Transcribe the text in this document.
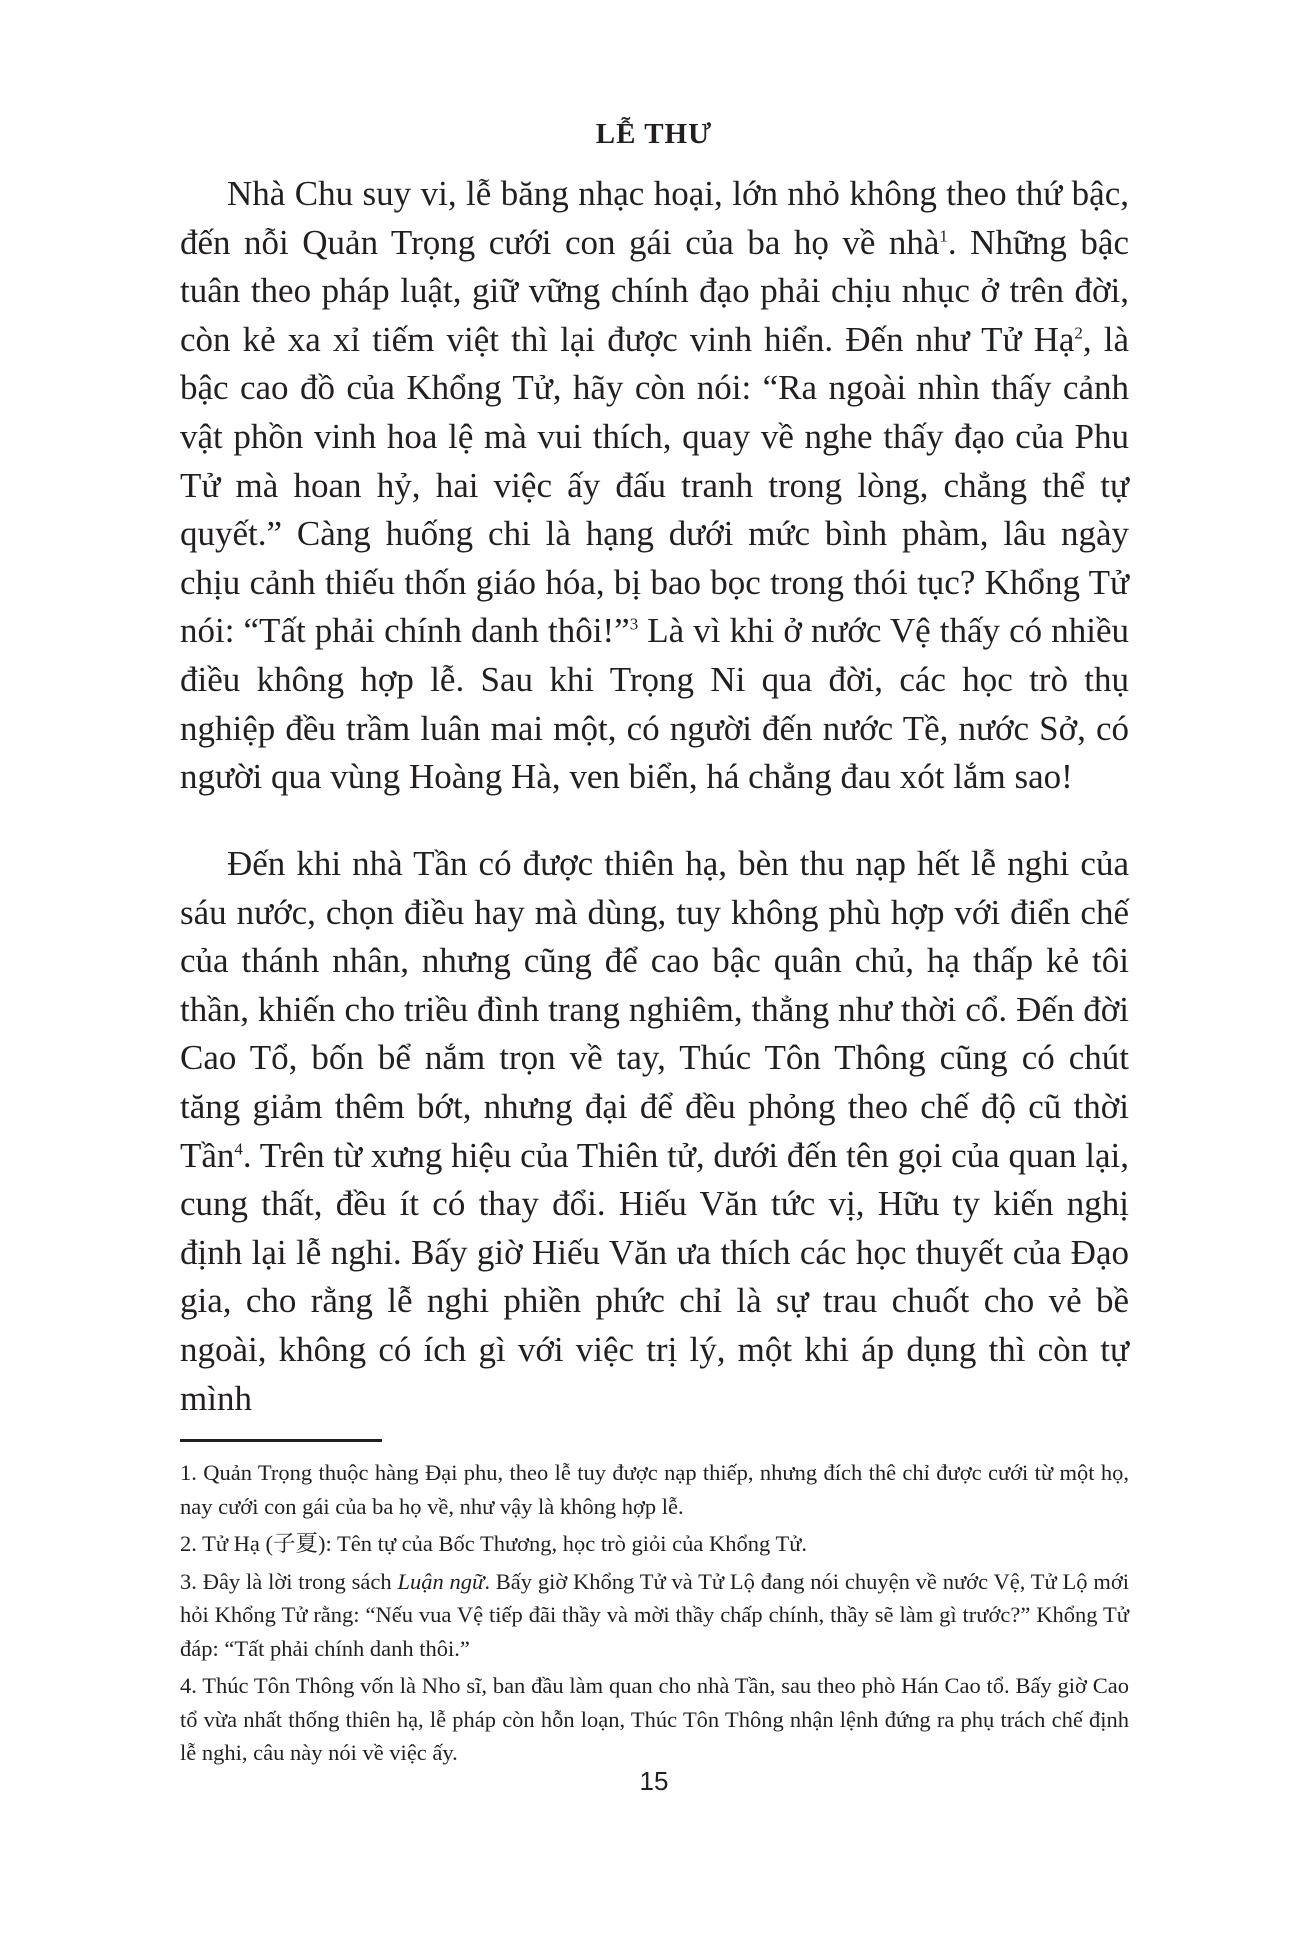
LỄ THƯ

Nhà Chu suy vi, lễ băng nhạc hoại, lớn nhỏ không theo thứ bậc, đến nỗi Quản Trọng cưới con gái của ba họ về nhà$^1$. Những bậc tuân theo pháp luật, giữ vững chính đạo phải chịu nhục ở trên đời, còn kẻ xa xỉ tiếm việt thì lại được vinh hiển. Đến như Tử Hạ$^2$, là bậc cao đồ của Khổng Tử, hãy còn nói: “Ra ngoài nhìn thấy cảnh vật phồn vinh hoa lệ mà vui thích, quay về nghe thấy đạo của Phu Tử mà hoan hỷ, hai việc ấy đấu tranh trong lòng, chẳng thể tự quyết.” Càng huống chi là hạng dưới mức bình phàm, lâu ngày chịu cảnh thiếu thốn giáo hóa, bị bao bọc trong thói tục? Khổng Tử nói: “Tất phải chính danh thôi!”$^3$ Là vì khi ở nước Vệ thấy có nhiều điều không hợp lễ. Sau khi Trọng Ni qua đời, các học trò thụ nghiệp đều trầm luân mai một, có người đến nước Tề, nước Sở, có người qua vùng Hoàng Hà, ven biển, há chẳng đau xót lắm sao!

Đến khi nhà Tần có được thiên hạ, bèn thu nạp hết lễ nghi của sáu nước, chọn điều hay mà dùng, tuy không phù hợp với điển chế của thánh nhân, nhưng cũng để cao bậc quân chủ, hạ thấp kẻ tôi thần, khiến cho triều đình trang nghiêm, thẳng như thời cổ. Đến đời Cao Tổ, bốn bể nắm trọn về tay, Thúc Tôn Thông cũng có chút tăng giảm thêm bớt, nhưng đại để đều phỏng theo chế độ cũ thời Tần$^4$. Trên từ xưng hiệu của Thiên tử, dưới đến tên gọi của quan lại, cung thất, đều ít có thay đổi. Hiếu Văn tức vị, Hữu ty kiến nghị định lại lễ nghi. Bấy giờ Hiếu Văn ưa thích các học thuyết của Đạo gia, cho rằng lễ nghi phiền phức chỉ là sự trau chuốt cho vẻ bề ngoài, không có ích gì với việc trị lý, một khi áp dụng thì còn tự mình

1. Quản Trọng thuộc hàng Đại phu, theo lễ tuy được nạp thiếp, nhưng đích thê chỉ được cưới từ một họ, nay cưới con gái của ba họ về, như vậy là không hợp lễ.
2. Tử Hạ (子夏): Tên tự của Bốc Thương, học trò giỏi của Khổng Tử.
3. Đây là lời trong sách Luận ngữ. Bấy giờ Khổng Tử và Tử Lộ đang nói chuyện về nước Vệ, Tử Lộ mới hỏi Khổng Tử rằng: “Nếu vua Vệ tiếp đãi thầy và mời thầy chấp chính, thầy sẽ làm gì trước?” Khổng Tử đáp: “Tất phải chính danh thôi.”
4. Thúc Tôn Thông vốn là Nho sĩ, ban đầu làm quan cho nhà Tần, sau theo phò Hán Cao tổ. Bấy giờ Cao tổ vừa nhất thống thiên hạ, lễ pháp còn hỗn loạn, Thúc Tôn Thông nhận lệnh đứng ra phụ trách chế định lễ nghi, câu này nói về việc ấy.
15
